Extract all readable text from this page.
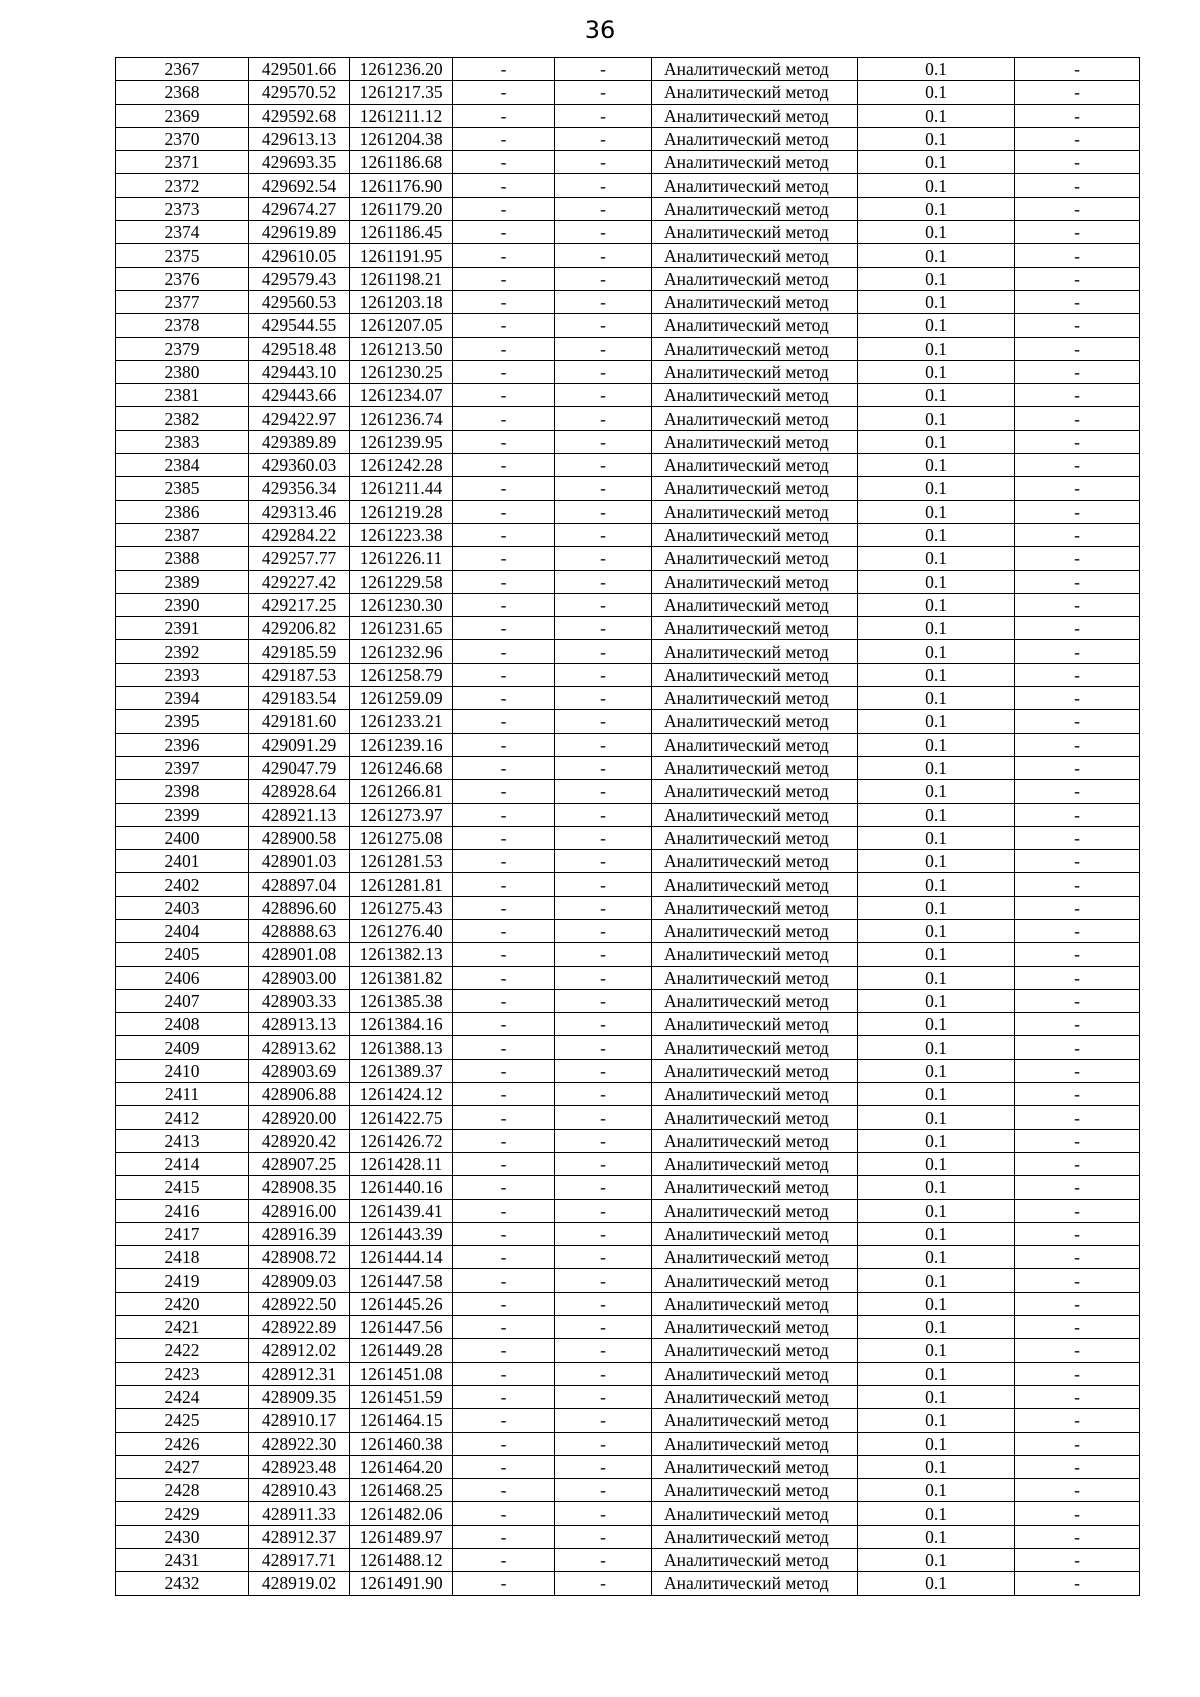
36
2367	429501.66	1261236.20	-	-	Аналитический метод	0.1	-
2368	429570.52	1261217.35	-	-	Аналитический метод	0.1	-
2369	429592.68	1261211.12	-	-	Аналитический метод	0.1	-
2370	429613.13	1261204.38	-	-	Аналитический метод	0.1	-
2371	429693.35	1261186.68	-	-	Аналитический метод	0.1	-
2372	429692.54	1261176.90	-	-	Аналитический метод	0.1	-
2373	429674.27	1261179.20	-	-	Аналитический метод	0.1	-
2374	429619.89	1261186.45	-	-	Аналитический метод	0.1	-
2375	429610.05	1261191.95	-	-	Аналитический метод	0.1	-
2376	429579.43	1261198.21	-	-	Аналитический метод	0.1	-
2377	429560.53	1261203.18	-	-	Аналитический метод	0.1	-
2378	429544.55	1261207.05	-	-	Аналитический метод	0.1	-
2379	429518.48	1261213.50	-	-	Аналитический метод	0.1	-
2380	429443.10	1261230.25	-	-	Аналитический метод	0.1	-
2381	429443.66	1261234.07	-	-	Аналитический метод	0.1	-
2382	429422.97	1261236.74	-	-	Аналитический метод	0.1	-
2383	429389.89	1261239.95	-	-	Аналитический метод	0.1	-
2384	429360.03	1261242.28	-	-	Аналитический метод	0.1	-
2385	429356.34	1261211.44	-	-	Аналитический метод	0.1	-
2386	429313.46	1261219.28	-	-	Аналитический метод	0.1	-
2387	429284.22	1261223.38	-	-	Аналитический метод	0.1	-
2388	429257.77	1261226.11	-	-	Аналитический метод	0.1	-
2389	429227.42	1261229.58	-	-	Аналитический метод	0.1	-
2390	429217.25	1261230.30	-	-	Аналитический метод	0.1	-
2391	429206.82	1261231.65	-	-	Аналитический метод	0.1	-
2392	429185.59	1261232.96	-	-	Аналитический метод	0.1	-
2393	429187.53	1261258.79	-	-	Аналитический метод	0.1	-
2394	429183.54	1261259.09	-	-	Аналитический метод	0.1	-
2395	429181.60	1261233.21	-	-	Аналитический метод	0.1	-
2396	429091.29	1261239.16	-	-	Аналитический метод	0.1	-
2397	429047.79	1261246.68	-	-	Аналитический метод	0.1	-
2398	428928.64	1261266.81	-	-	Аналитический метод	0.1	-
2399	428921.13	1261273.97	-	-	Аналитический метод	0.1	-
2400	428900.58	1261275.08	-	-	Аналитический метод	0.1	-
2401	428901.03	1261281.53	-	-	Аналитический метод	0.1	-
2402	428897.04	1261281.81	-	-	Аналитический метод	0.1	-
2403	428896.60	1261275.43	-	-	Аналитический метод	0.1	-
2404	428888.63	1261276.40	-	-	Аналитический метод	0.1	-
2405	428901.08	1261382.13	-	-	Аналитический метод	0.1	-
2406	428903.00	1261381.82	-	-	Аналитический метод	0.1	-
2407	428903.33	1261385.38	-	-	Аналитический метод	0.1	-
2408	428913.13	1261384.16	-	-	Аналитический метод	0.1	-
2409	428913.62	1261388.13	-	-	Аналитический метод	0.1	-
2410	428903.69	1261389.37	-	-	Аналитический метод	0.1	-
2411	428906.88	1261424.12	-	-	Аналитический метод	0.1	-
2412	428920.00	1261422.75	-	-	Аналитический метод	0.1	-
2413	428920.42	1261426.72	-	-	Аналитический метод	0.1	-
2414	428907.25	1261428.11	-	-	Аналитический метод	0.1	-
2415	428908.35	1261440.16	-	-	Аналитический метод	0.1	-
2416	428916.00	1261439.41	-	-	Аналитический метод	0.1	-
2417	428916.39	1261443.39	-	-	Аналитический метод	0.1	-
2418	428908.72	1261444.14	-	-	Аналитический метод	0.1	-
2419	428909.03	1261447.58	-	-	Аналитический метод	0.1	-
2420	428922.50	1261445.26	-	-	Аналитический метод	0.1	-
2421	428922.89	1261447.56	-	-	Аналитический метод	0.1	-
2422	428912.02	1261449.28	-	-	Аналитический метод	0.1	-
2423	428912.31	1261451.08	-	-	Аналитический метод	0.1	-
2424	428909.35	1261451.59	-	-	Аналитический метод	0.1	-
2425	428910.17	1261464.15	-	-	Аналитический метод	0.1	-
2426	428922.30	1261460.38	-	-	Аналитический метод	0.1	-
2427	428923.48	1261464.20	-	-	Аналитический метод	0.1	-
2428	428910.43	1261468.25	-	-	Аналитический метод	0.1	-
2429	428911.33	1261482.06	-	-	Аналитический метод	0.1	-
2430	428912.37	1261489.97	-	-	Аналитический метод	0.1	-
2431	428917.71	1261488.12	-	-	Аналитический метод	0.1	-
2432	428919.02	1261491.90	-	-	Аналитический метод	0.1	-
